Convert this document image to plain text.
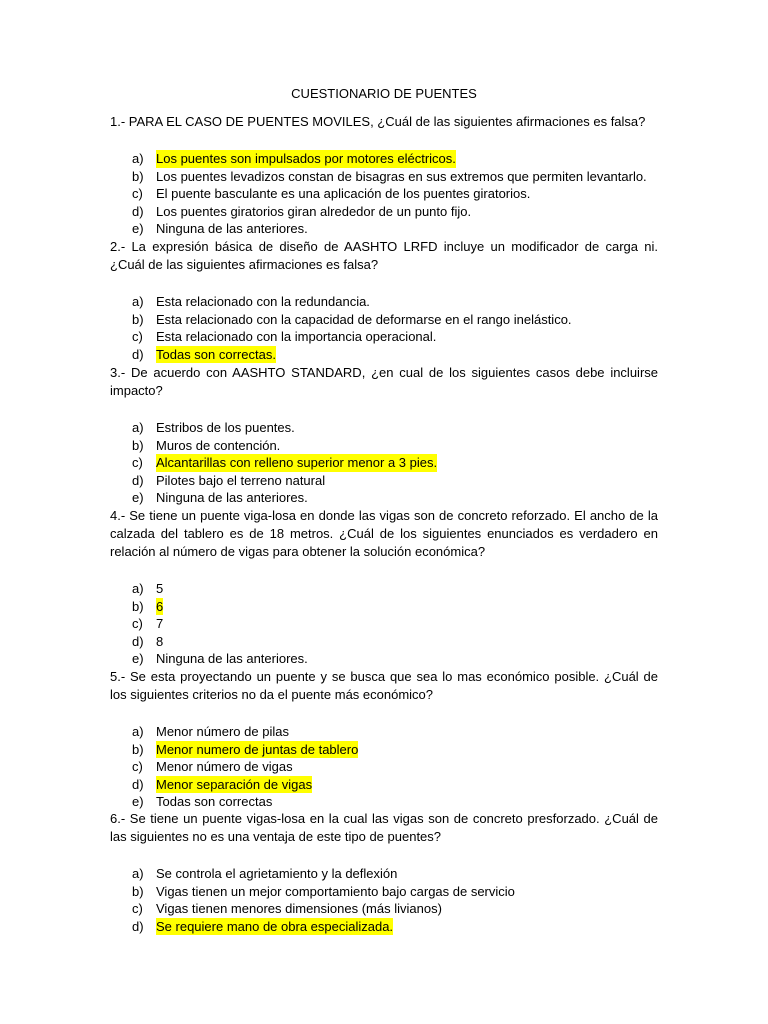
CUESTIONARIO DE PUENTES

1.- PARA EL CASO DE PUENTES MOVILES, ¿Cuál de las siguientes afirmaciones es falsa?

a) Los puentes son impulsados por motores eléctricos.
b) Los puentes levadizos constan de bisagras en sus extremos que permiten levantarlo.
c)	El puente basculante es una aplicación de los puentes giratorios.
d) Los puentes giratorios giran alrededor de un punto fijo.
e) Ninguna de las anteriores.

2.- La expresión básica de diseño de AASHTO LRFD incluye un modificador de carga ni. ¿Cuál de las siguientes afirmaciones es falsa?

a) Esta relacionado con la redundancia.
b) Esta relacionado con la capacidad de deformarse en el rango inelástico.
c)	Esta relacionado con la importancia operacional.
d) Todas son correctas.

3.- De acuerdo con AASHTO STANDARD, ¿en cual de los siguientes casos debe incluirse impacto?

a) Estribos de los puentes.
b) Muros de contención.
c)	Alcantarillas con relleno superior menor a 3 pies.
d) Pilotes bajo el terreno natural
e) Ninguna de las anteriores.

4.- Se tiene un puente viga-losa en donde las vigas son de concreto reforzado. El ancho de la calzada del tablero es de 18 metros. ¿Cuál de los siguientes enunciados es verdadero en relación al número de vigas para obtener la solución económica?

a) 5
b) 6
c)	7
d) 8
e) Ninguna de las anteriores.

5.- Se esta proyectando un puente y se busca que sea lo mas económico posible. ¿Cuál de los siguientes criterios no da el puente más económico?

a) Menor número de pilas
b) Menor numero de juntas de tablero
c)	Menor número de vigas
d) Menor separación de vigas
e) Todas son correctas

6.- Se tiene un puente vigas-losa en la cual las vigas son de concreto presforzado. ¿Cuál de las siguientes no es una ventaja de este tipo de puentes?

a) Se controla el agrietamiento y la deflexión
b) Vigas tienen un mejor comportamiento bajo cargas de servicio
c)	Vigas tienen menores dimensiones (más livianos)
d) Se requiere mano de obra especializada.
